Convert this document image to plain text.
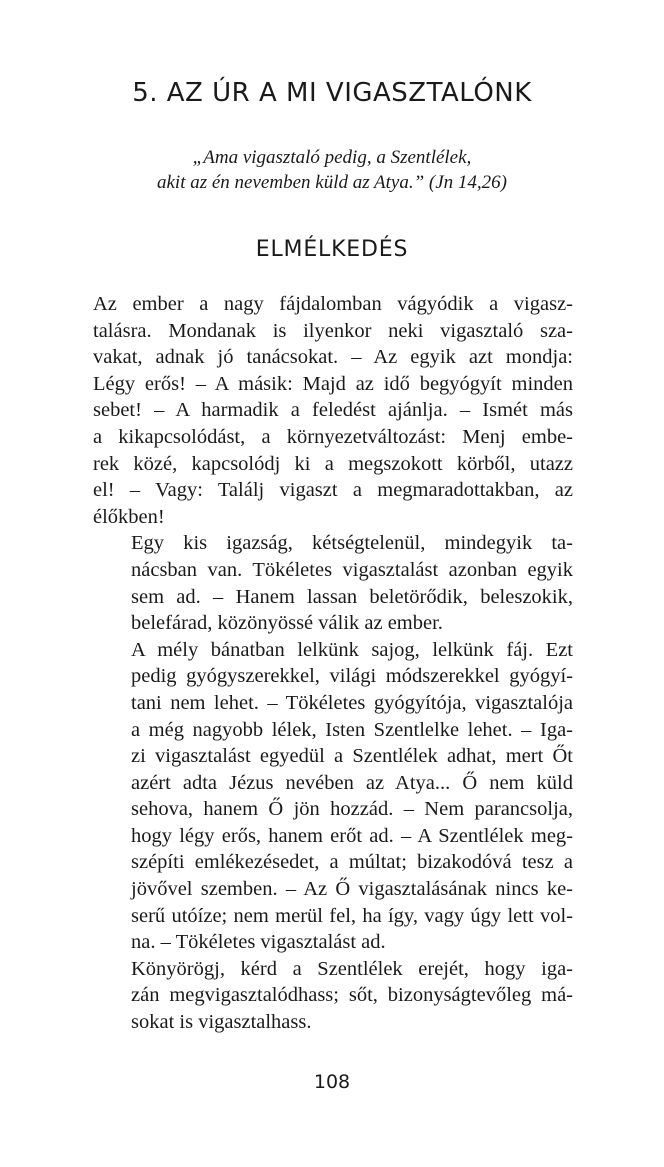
5. AZ ÚR A MI VIGASZTALÓNK
„Ama vigasztaló pedig, a Szentlélek,
akit az én nevemben küld az Atya.” (Jn 14,26)
ELMÉLKEDÉS

Az ember a nagy fájdalomban vágyódik a vigasz-
talásra. Mondanak is ilyenkor neki vigasztaló sza-
vakat, adnak jó tanácsokat. – Az egyik azt mondja:
Légy erős! – A másik: Majd az idő begyógyít minden
sebet! – A harmadik a feledést ajánlja. – Ismét más
a kikapcsolódást, a környezetváltozást: Menj embe-
rek közé, kapcsolódj ki a megszokott körből, utazz
el! – Vagy: Találj vigaszt a megmaradottakban, az
élőkben!

Egy kis igazság, kétségtelenül, mindegyik ta-
nácsban van. Tökéletes vigasztalást azonban egyik
sem ad. – Hanem lassan beletörődik, beleszokik,
belefárad, közönyössé válik az ember.

A mély bánatban lelkünk sajog, lelkünk fáj. Ezt
pedig gyógyszerekkel, világi módszerekkel gyógyí-
tani nem lehet. – Tökéletes gyógyítója, vigasztalója
a még nagyobb lélek, Isten Szentlelke lehet. – Iga-
zi vigasztalást egyedül a Szentlélek adhat, mert Őt
azért adta Jézus nevében az Atya... Ő nem küld
sehova, hanem Ő jön hozzád. – Nem parancsolja,
hogy légy erős, hanem erőt ad. – A Szentlélek meg-
szépíti emlékezésedet, a múltat; bizakodóvá tesz a
jövővel szemben. – Az Ő vigasztalásának nincs ke-
serű utóíze; nem merül fel, ha így, vagy úgy lett vol-
na. – Tökéletes vigasztalást ad.

Könyörögj, kérd a Szentlélek erejét, hogy iga-
zán megvigasztalódhass; sőt, bizonyságtevőleg má-
sokat is vigasztalhass.

108
